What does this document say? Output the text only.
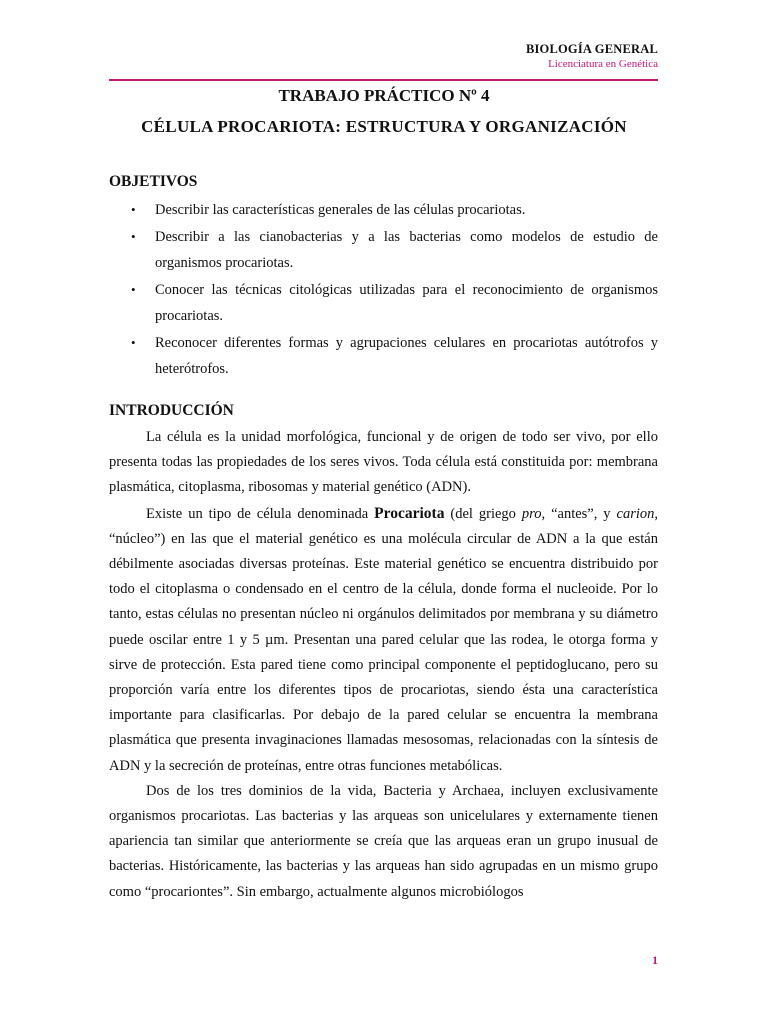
BIOLOGÍA GENERAL
Licenciatura en Genética
TRABAJO PRÁCTICO Nº 4
CÉLULA PROCARIOTA: ESTRUCTURA Y ORGANIZACIÓN
OBJETIVOS
• Describir las características generales de las células procariotas.
• Describir a las cianobacterias y a las bacterias como modelos de estudio de organismos procariotas.
• Conocer las técnicas citológicas utilizadas para el reconocimiento de organismos procariotas.
• Reconocer diferentes formas y agrupaciones celulares en procariotas autótrofos y heterótrofos.
INTRODUCCIÓN

La célula es la unidad morfológica, funcional y de origen de todo ser vivo, por ello presenta todas las propiedades de los seres vivos. Toda célula está constituida por: membrana plasmática, citoplasma, ribosomas y material genético (ADN).

Existe un tipo de célula denominada Procariota (del griego pro, “antes”, y carion, “núcleo”) en las que el material genético es una molécula circular de ADN a la que están débilmente asociadas diversas proteínas. Este material genético se encuentra distribuido por todo el citoplasma o condensado en el centro de la célula, donde forma el nucleoide. Por lo tanto, estas células no presentan núcleo ni orgánulos delimitados por membrana y su diámetro puede oscilar entre 1 y 5 µm. Presentan una pared celular que las rodea, le otorga forma y sirve de protección. Esta pared tiene como principal componente el peptidoglucano, pero su proporción varía entre los diferentes tipos de procariotas, siendo ésta una característica importante para clasificarlas. Por debajo de la pared celular se encuentra la membrana plasmática que presenta invaginaciones llamadas mesosomas, relacionadas con la síntesis de ADN y la secreción de proteínas, entre otras funciones metabólicas.

Dos de los tres dominios de la vida, Bacteria y Archaea, incluyen exclusivamente organismos procariotas. Las bacterias y las arqueas son unicelulares y externamente tienen apariencia tan similar que anteriormente se creía que las arqueas eran un grupo inusual de bacterias. Históricamente, las bacterias y las arqueas han sido agrupadas en un mismo grupo como “procariontes”. Sin embargo, actualmente algunos microbiólogos

1
